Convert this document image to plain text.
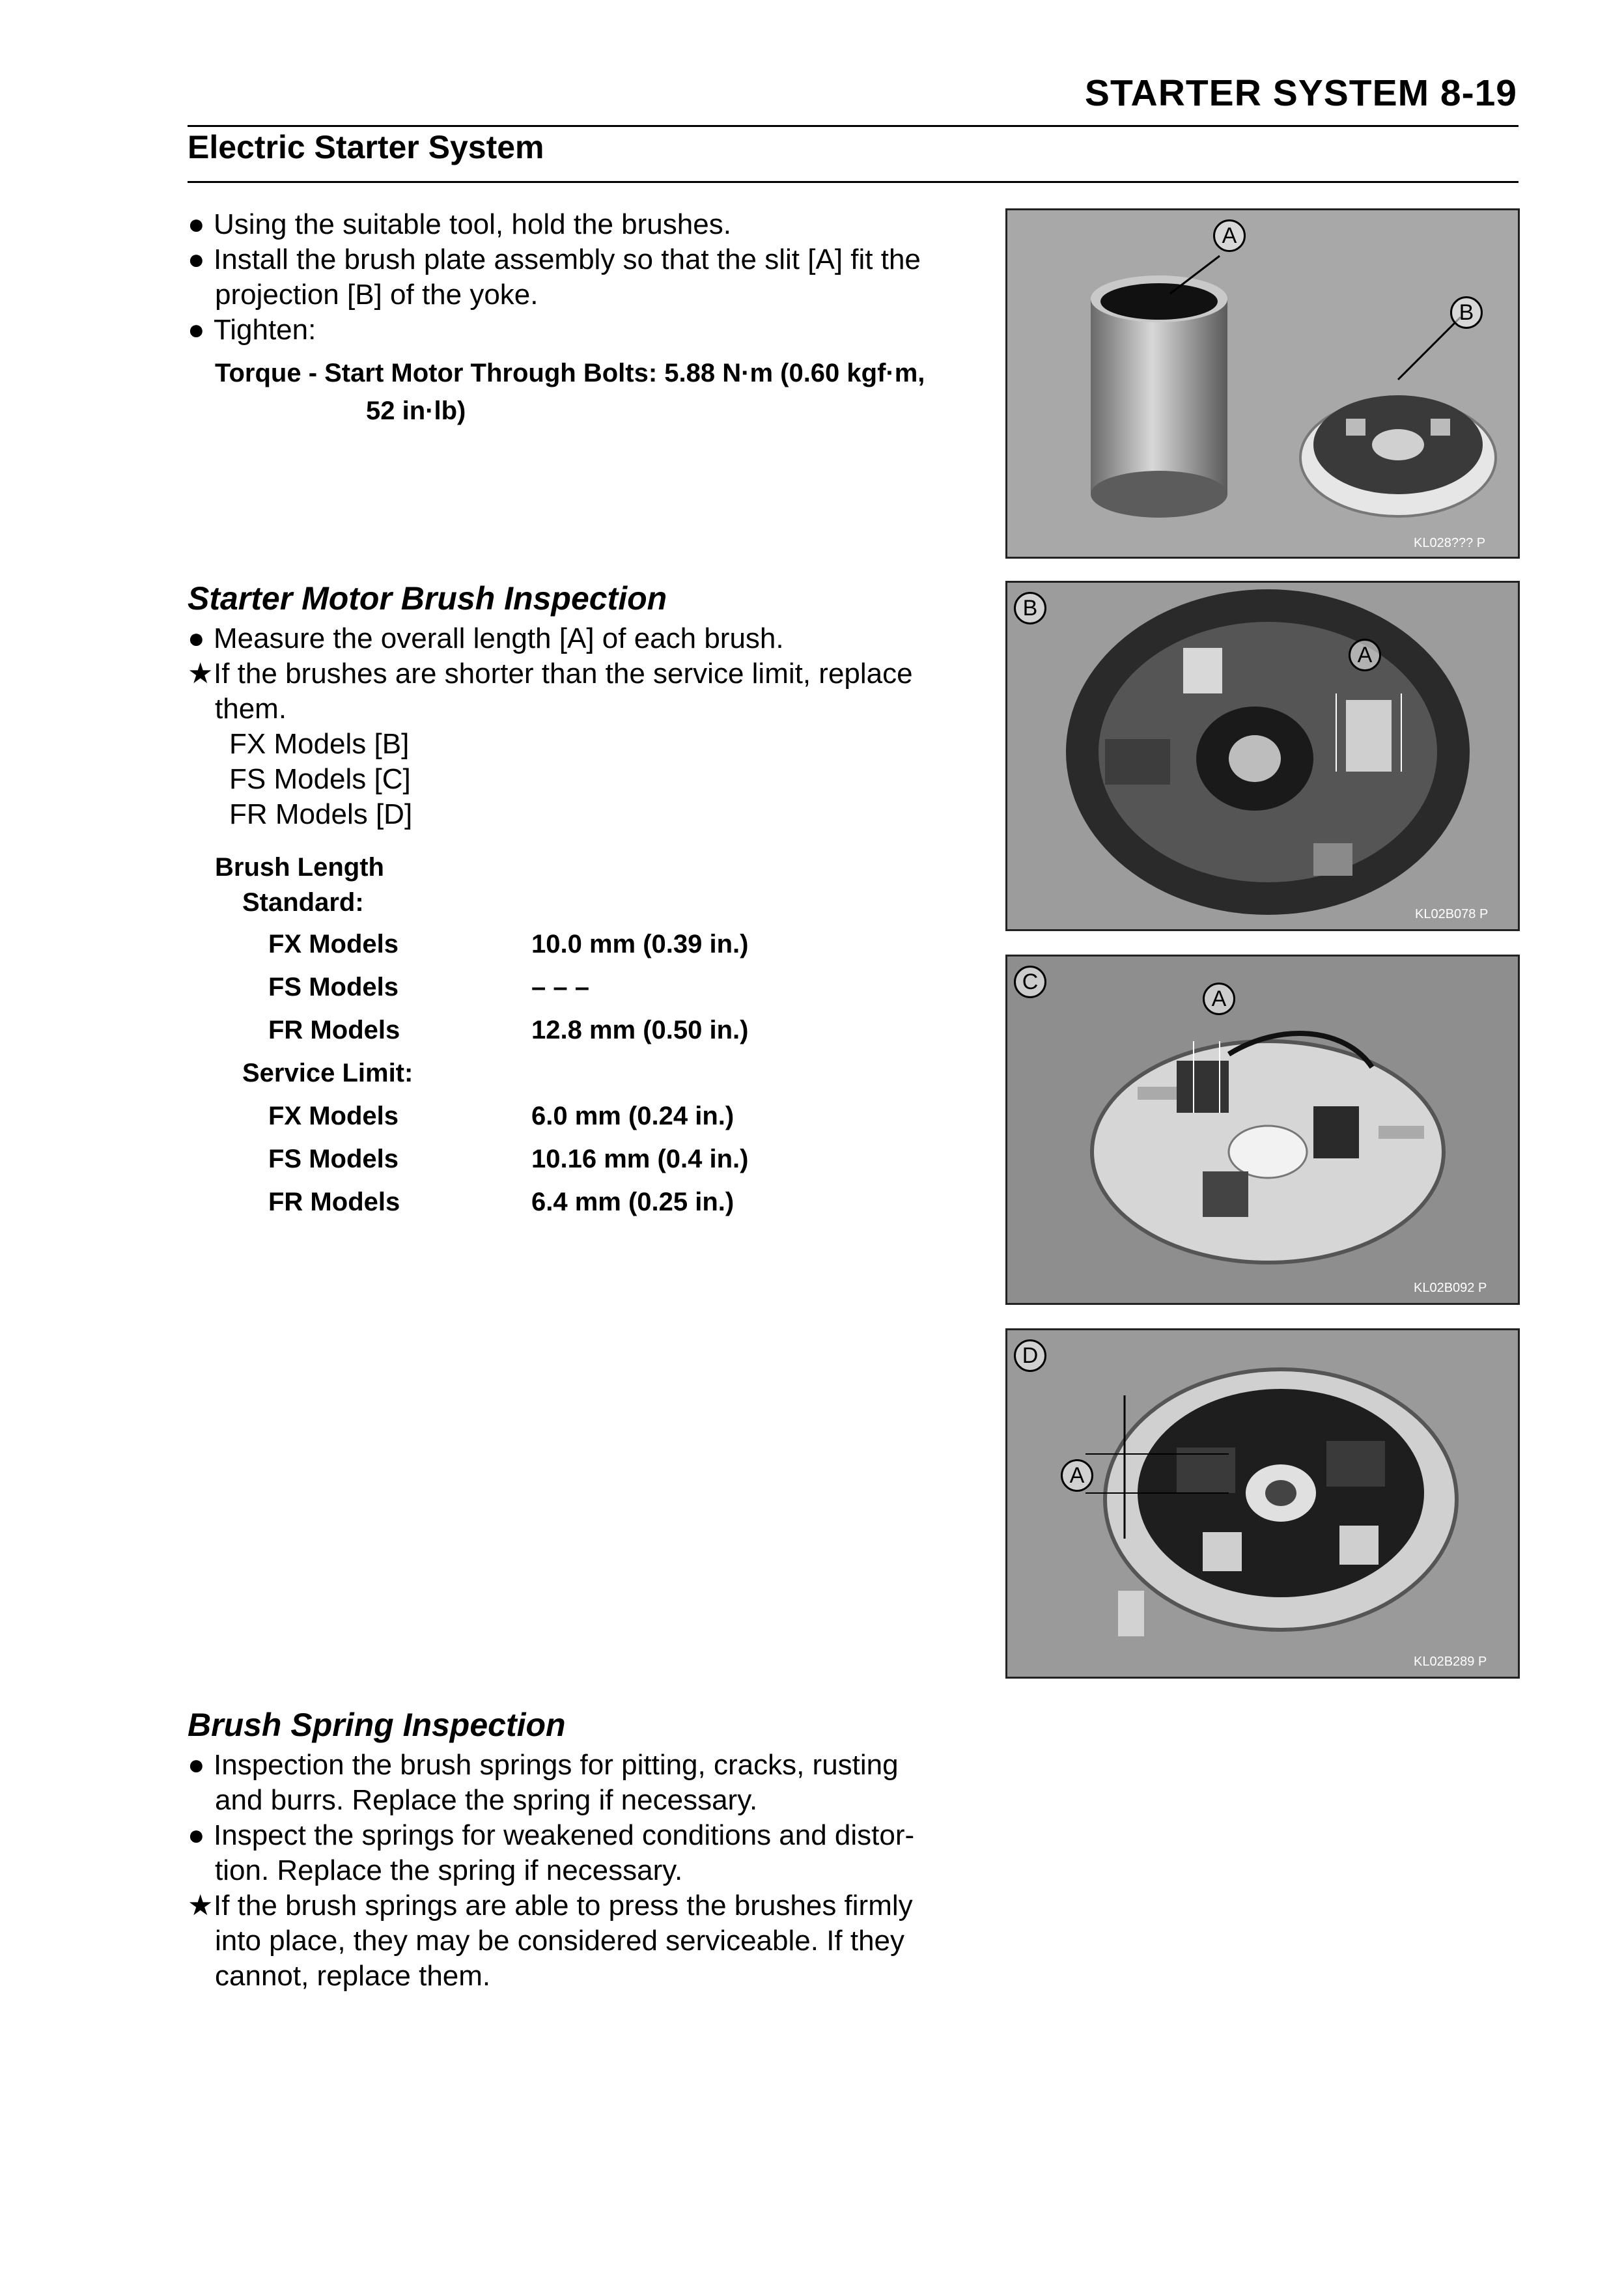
STARTER SYSTEM 8-19
Electric Starter System
● Using the suitable tool, hold the brushes.
● Install the brush plate assembly so that the slit [A] fit the
projection [B] of the yoke.
● Tighten:
Torque - Start Motor Through Bolts: 5.88 N·m (0.60 kgf·m,
52 in·lb)
Starter Motor Brush Inspection
● Measure the overall length [A] of each brush.
★If the brushes are shorter than the service limit, replace
them.
FX Models [B]
FS Models [C]
FR Models [D]
Brush Length
Standard:
FX Models	10.0 mm (0.39 in.)
FS Models	– – –
FR Models	12.8 mm (0.50 in.)
Service Limit:
FX Models	6.0 mm (0.24 in.)
FS Models	10.16 mm (0.4 in.)
FR Models	6.4 mm (0.25 in.)
Brush Spring Inspection
● Inspection the brush springs for pitting, cracks, rusting
and burrs. Replace the spring if necessary.
● Inspect the springs for weakened conditions and distor-
tion. Replace the spring if necessary.
★If the brush springs are able to press the brushes firmly
into place, they may be considered serviceable. If they
cannot, replace them.
A
B
KL028??? P
B
A
KL02B078 P
C
A
KL02B092 P
D
A
KL02B289 P
